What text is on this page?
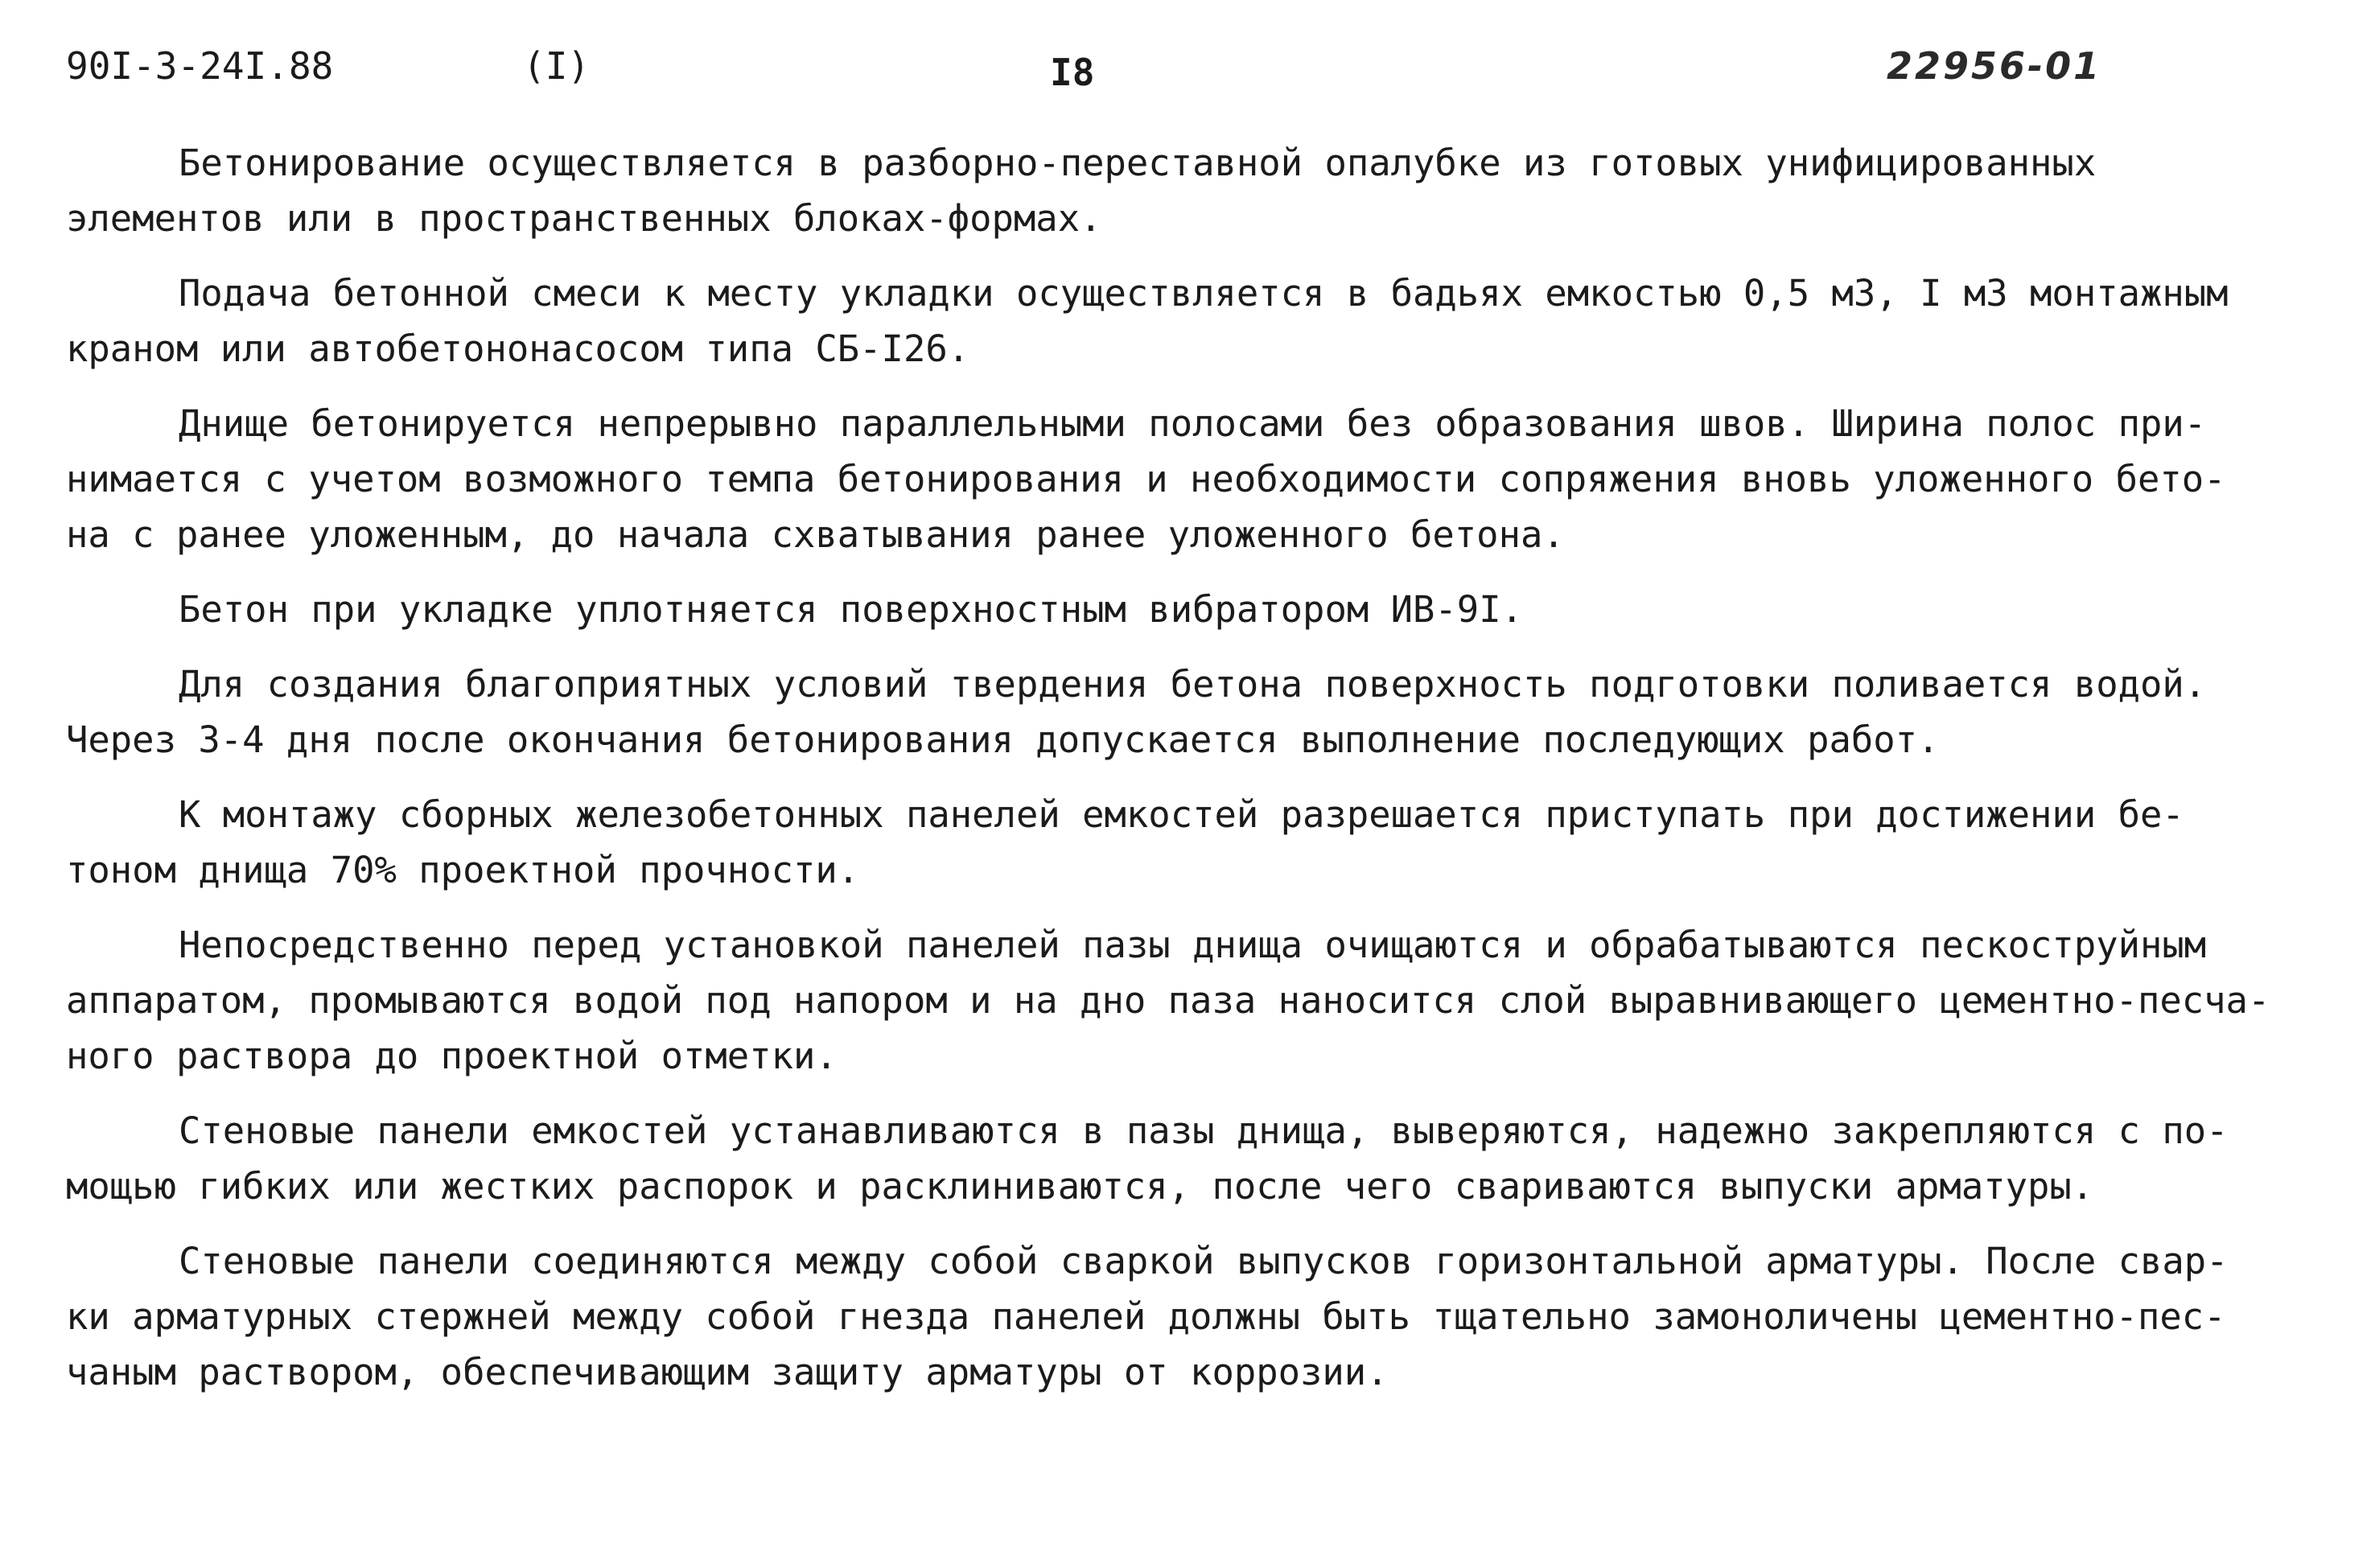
90I-3-24I.88	(I)	I8	22956-01

Бетонирование осуществляется в разборно-переставной опалубке из готовых унифицированных
элементов или в пространственных блоках-формах.

Подача бетонной смеси к месту укладки осуществляется в бадьях емкостью 0,5 м3, I м3 монтажным
краном или автобетононасосом типа СБ-I26.

Днище бетонируется непрерывно параллельными полосами без образования швов. Ширина полос при-
нимается с учетом возможного темпа бетонирования и необходимости сопряжения вновь уложенного бето-
на с ранее уложенным, до начала схватывания ранее уложенного бетона.

Бетон при укладке уплотняется поверхностным вибратором ИВ-9I.

Для создания благоприятных условий твердения бетона поверхность подготовки поливается водой.
Через 3-4 дня после окончания бетонирования допускается выполнение последующих работ.

К монтажу сборных железобетонных панелей емкостей разрешается приступать при достижении бе-
тоном днища 70% проектной прочности.

Непосредственно перед установкой панелей пазы днища очищаются и обрабатываются пескоструйным
аппаратом, промываются водой под напором и на дно паза наносится слой выравнивающего цементно-песча-
ного раствора до проектной отметки.

Стеновые панели емкостей устанавливаются в пазы днища, выверяются, надежно закрепляются с по-
мощью гибких или жестких распорок и расклиниваются, после чего свариваются выпуски арматуры.

Стеновые панели соединяются между собой сваркой выпусков горизонтальной арматуры. После свар-
ки арматурных стержней между собой гнезда панелей должны быть тщательно замоноличены цементно-пес-
чаным раствором, обеспечивающим защиту арматуры от коррозии.
